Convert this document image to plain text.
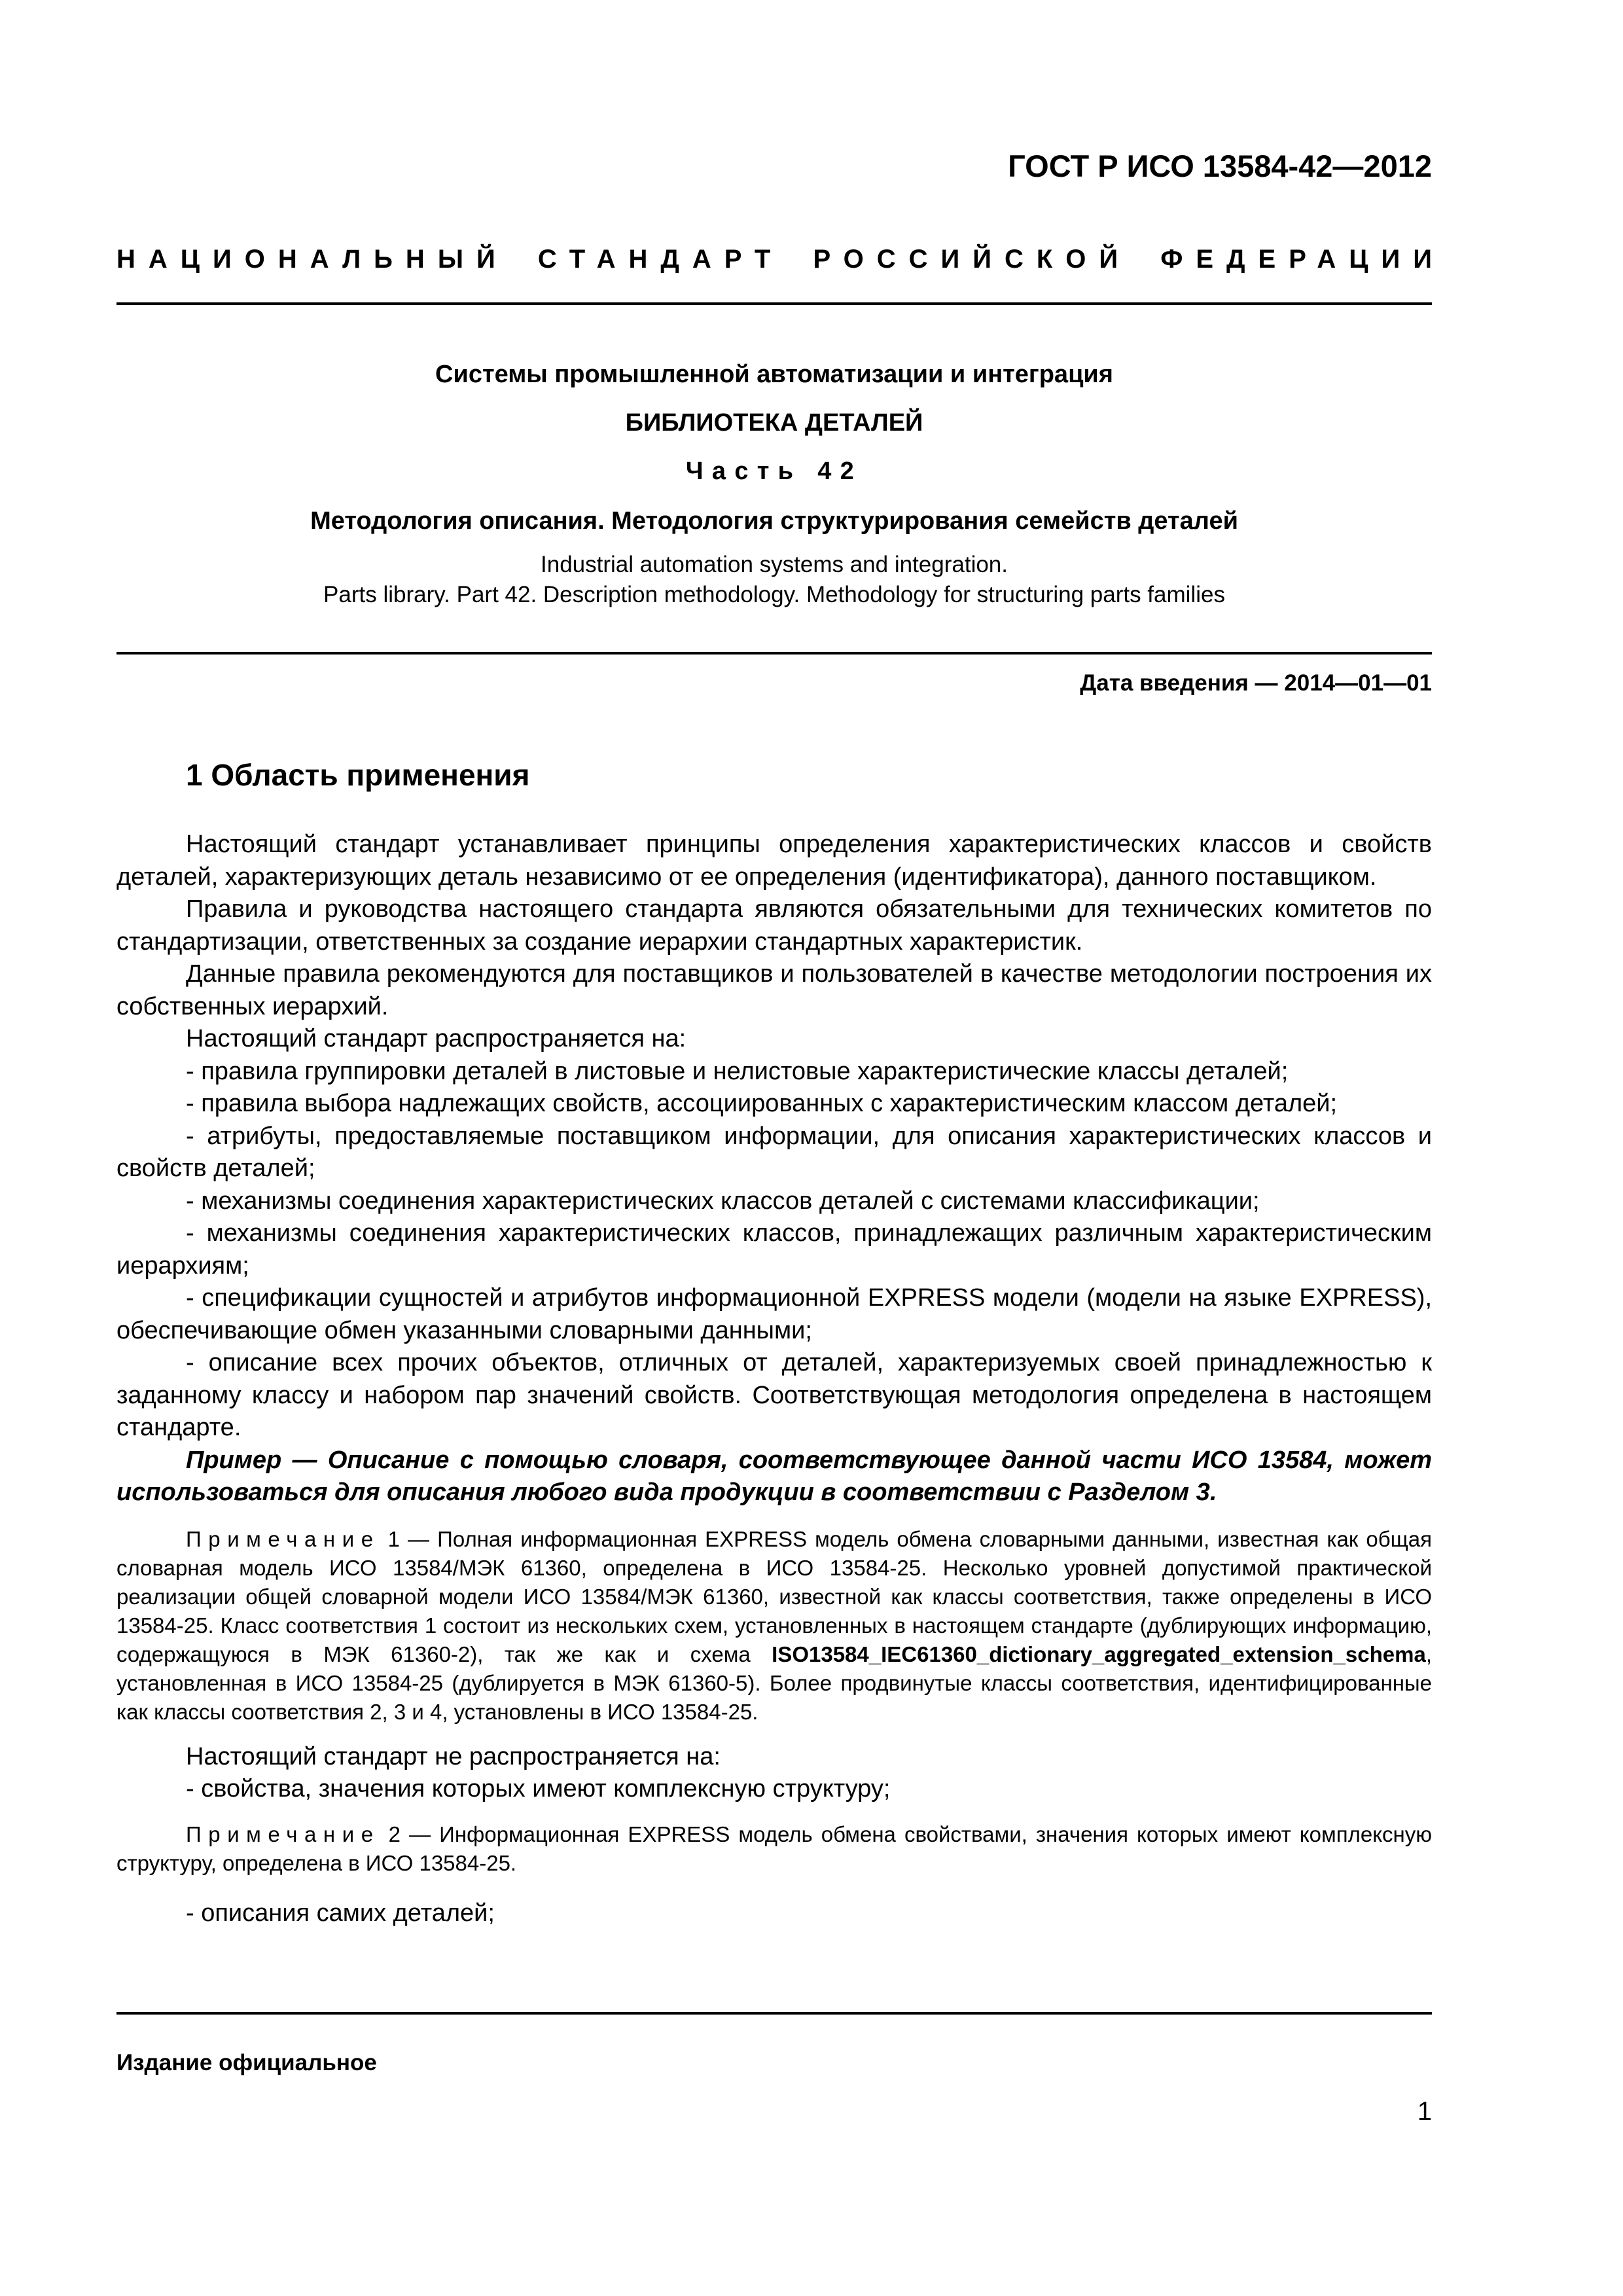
ГОСТ Р ИСО 13584-42—2012
НАЦИОНАЛЬНЫЙ СТАНДАРТ РОССИЙСКОЙ ФЕДЕРАЦИИ
Системы промышленной автоматизации и интеграция
БИБЛИОТЕКА ДЕТАЛЕЙ
Часть 42
Методология описания. Методология структурирования семейств деталей
Industrial automation systems and integration.
Parts library. Part 42. Description methodology. Methodology for structuring parts families
Дата введения — 2014—01—01
1 Область применения

Настоящий стандарт устанавливает принципы определения характеристических классов и свойств деталей, характеризующих деталь независимо от ее определения (идентификатора), данного поставщиком.

Правила и руководства настоящего стандарта являются обязательными для технических комитетов по стандартизации, ответственных за создание иерархии стандартных характеристик.

Данные правила рекомендуются для поставщиков и пользователей в качестве методологии построения их собственных иерархий.

Настоящий стандарт распространяется на:

- правила группировки деталей в листовые и нелистовые характеристические классы деталей;

- правила выбора надлежащих свойств, ассоциированных с характеристическим классом деталей;

- атрибуты, предоставляемые поставщиком информации, для описания характеристических классов и свойств деталей;

- механизмы соединения характеристических классов деталей с системами классификации;

- механизмы соединения характеристических классов, принадлежащих различным характеристическим иерархиям;

- спецификации сущностей и атрибутов информационной EXPRESS модели (модели на языке EXPRESS), обеспечивающие обмен указанными словарными данными;

- описание всех прочих объектов, отличных от деталей, характеризуемых своей принадлежностью к заданному классу и набором пар значений свойств. Соответствующая методология определена в настоящем стандарте.

Пример — Описание с помощью словаря, соответствующее данной части ИСО 13584, может использоваться для описания любого вида продукции в соответствии с Разделом 3.

Примечание 1 — Полная информационная EXPRESS модель обмена словарными данными, известная как общая словарная модель ИСО 13584/МЭК 61360, определена в ИСО 13584-25. Несколько уровней допустимой практической реализации общей словарной модели ИСО 13584/МЭК 61360, известной как классы соответствия, также определены в ИСО 13584-25. Класс соответствия 1 состоит из нескольких схем, установленных в настоящем стандарте (дублирующих информацию, содержащуюся в МЭК 61360-2), так же как и схема ISO13584_IEC61360_dictionary_aggregated_extension_schema, установленная в ИСО 13584-25 (дублируется в МЭК 61360-5). Более продвинутые классы соответствия, идентифицированные как классы соответствия 2, 3 и 4, установлены в ИСО 13584-25.

Настоящий стандарт не распространяется на:

- свойства, значения которых имеют комплексную структуру;

Примечание 2 — Информационная EXPRESS модель обмена свойствами, значения которых имеют комплексную структуру, определена в ИСО 13584-25.

- описания самих деталей;

Издание официальное
1
